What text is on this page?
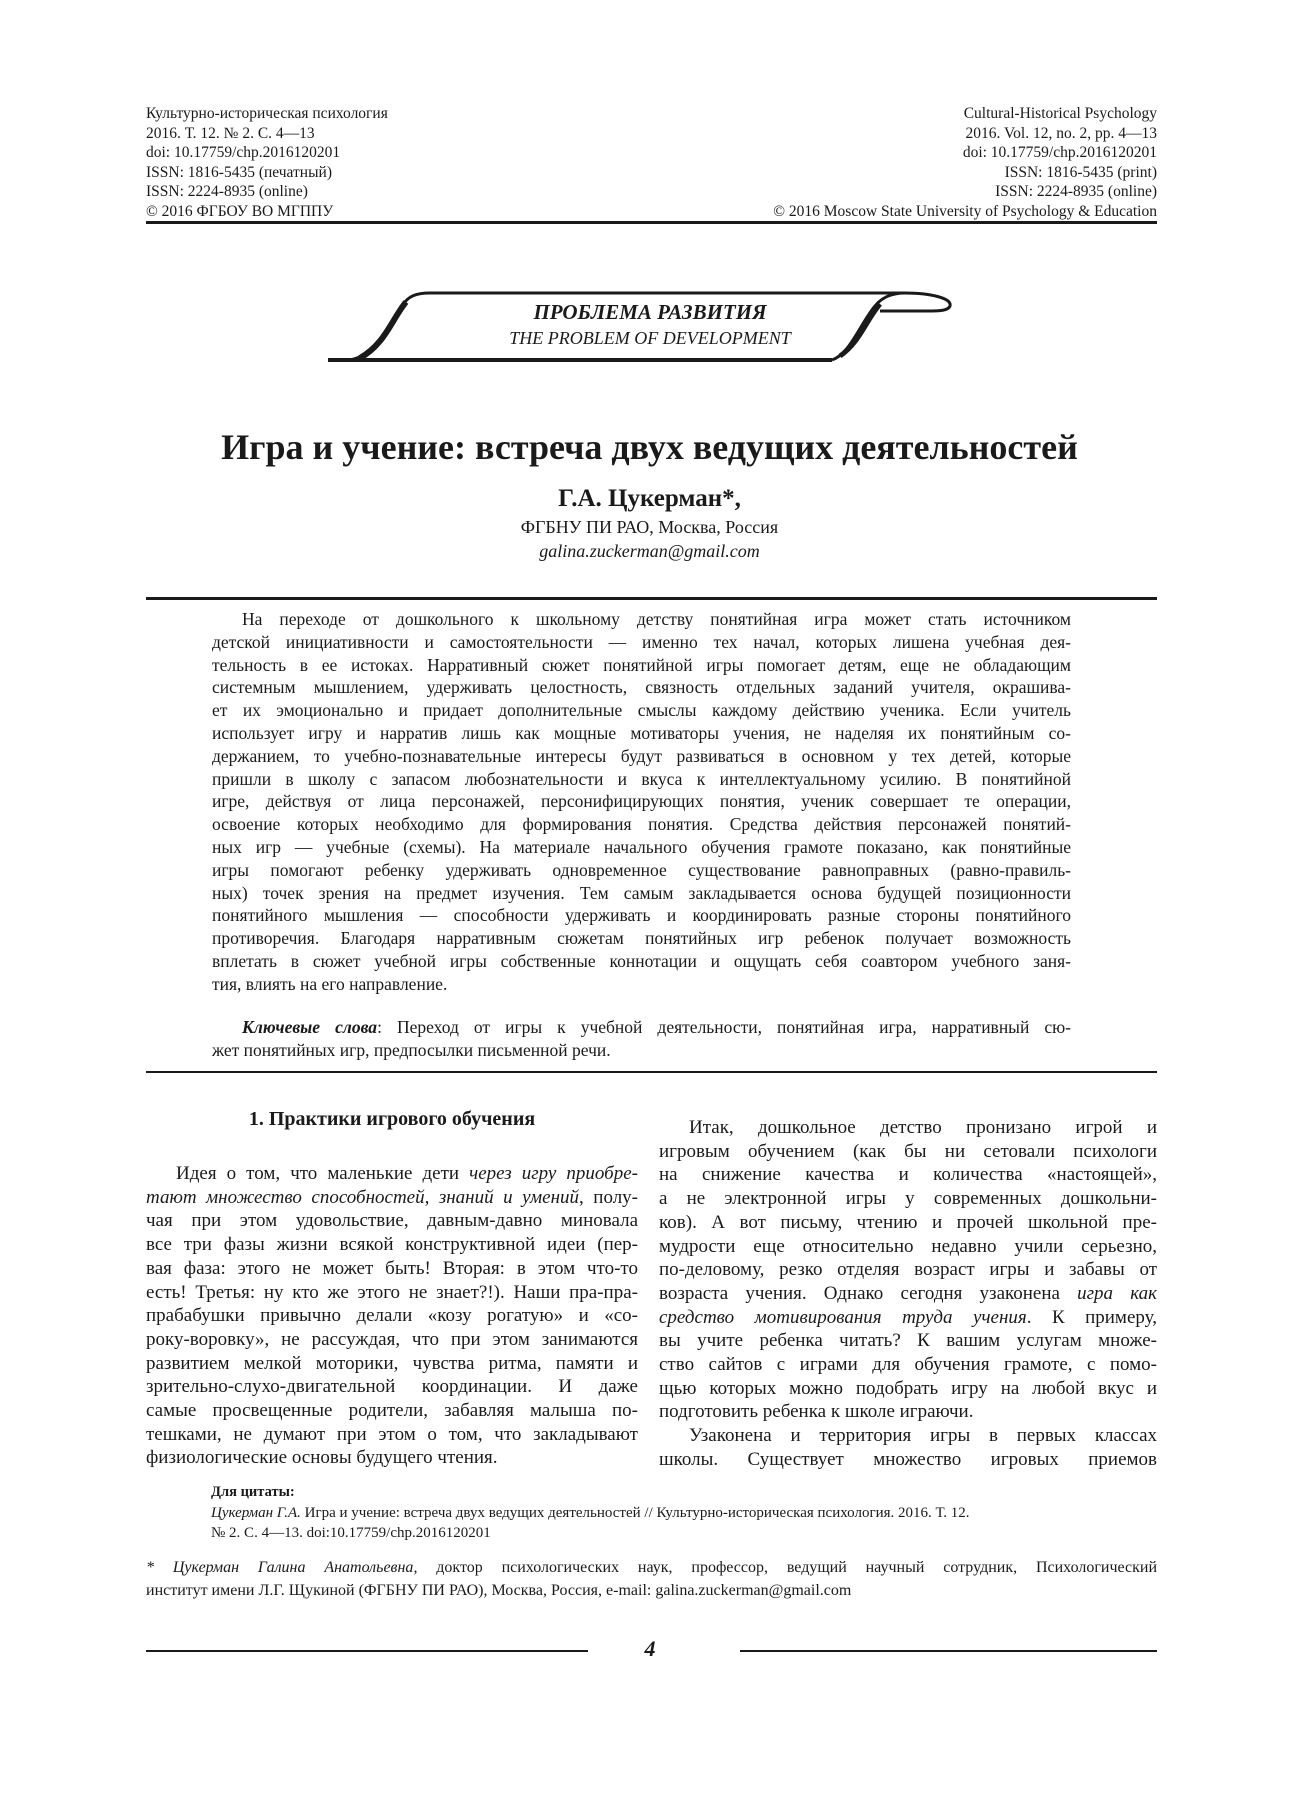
Культурно-историческая психология
2016. Т. 12. № 2. С. 4—13
doi: 10.17759/chp.2016120201
ISSN: 1816-5435 (печатный)
ISSN: 2224-8935 (online)
© 2016 ФГБОУ ВО МГППУ
Cultural-Historical Psychology
2016. Vol. 12, no. 2, pp. 4—13
doi: 10.17759/chp.2016120201
ISSN: 1816-5435 (print)
ISSN: 2224-8935 (online)
© 2016 Moscow State University of Psychology & Education
ПРОБЛЕМА РАЗВИТИЯ
THE PROBLEM OF DEVELOPMENT
Игра и учение: встреча двух ведущих деятельностей
Г.А. Цукерман*,
ФГБНУ ПИ РАО, Москва, Россия
galina.zuckerman@gmail.com
На переходе от дошкольного к школьному детству понятийная игра может стать источником
детской инициативности и самостоятельности — именно тех начал, которых лишена учебная дея-
тельность в ее истоках. Нарративный сюжет понятийной игры помогает детям, еще не обладающим
системным мышлением, удерживать целостность, связность отдельных заданий учителя, окрашива-
ет их эмоционально и придает дополнительные смыслы каждому действию ученика. Если учитель
использует игру и нарратив лишь как мощные мотиваторы учения, не наделяя их понятийным со-
держанием, то учебно-познавательные интересы будут развиваться в основном у тех детей, которые
пришли в школу с запасом любознательности и вкуса к интеллектуальному усилию. В понятийной
игре, действуя от лица персонажей, персонифицирующих понятия, ученик совершает те операции,
освоение которых необходимо для формирования понятия. Средства действия персонажей понятий-
ных игр — учебные (схемы). На материале начального обучения грамоте показано, как понятийные
игры помогают ребенку удерживать одновременное существование равноправных (равно-правиль-
ных) точек зрения на предмет изучения. Тем самым закладывается основа будущей позиционности
понятийного мышления — способности удерживать и координировать разные стороны понятийного
противоречия. Благодаря нарративным сюжетам понятийных игр ребенок получает возможность
вплетать в сюжет учебной игры собственные коннотации и ощущать себя соавтором учебного заня-
тия, влиять на его направление.
Ключевые слова: Переход от игры к учебной деятельности, понятийная игра, нарративный сю-
жет понятийных игр, предпосылки письменной речи.
1. Практики игрового обучения
Идея о том, что маленькие дети через игру приобре-
тают множество способностей, знаний и умений, полу-
чая при этом удовольствие, давным-давно миновала
все три фазы жизни всякой конструктивной идеи (пер-
вая фаза: этого не может быть! Вторая: в этом что-то
есть! Третья: ну кто же этого не знает?!). Наши пра-пра-
прабабушки привычно делали «козу рогатую» и «со-
року-воровку», не рассуждая, что при этом занимаются
развитием мелкой моторики, чувства ритма, памяти и
зрительно-слухо-двигательной координации. И даже
самые просвещенные родители, забавляя малыша по-
тешками, не думают при этом о том, что закладывают
физиологические основы будущего чтения.
Итак, дошкольное детство пронизано игрой и
игровым обучением (как бы ни сетовали психологи
на снижение качества и количества «настоящей»,
а не электронной игры у современных дошкольни-
ков). А вот письму, чтению и прочей школьной пре-
мудрости еще относительно недавно учили серьезно,
по-деловому, резко отделяя возраст игры и забавы от
возраста учения. Однако сегодня узаконена игра как
средство мотивирования труда учения. К примеру,
вы учите ребенка читать? К вашим услугам множе-
ство сайтов с играми для обучения грамоте, с помо-
щью которых можно подобрать игру на любой вкус и
подготовить ребенка к школе играючи.
Узаконена и территория игры в первых классах
школы. Существует множество игровых приемов
Для цитаты:
Цукерман Г.А. Игра и учение: встреча двух ведущих деятельностей // Культурно-историческая психология. 2016. Т. 12.
№ 2. С. 4—13. doi:10.17759/chp.2016120201
* Цукерман Галина Анатольевна, доктор психологических наук, профессор, ведущий научный сотрудник, Психологический
институт имени Л.Г. Щукиной (ФГБНУ ПИ РАО), Москва, Россия, e-mail: galina.zuckerman@gmail.com
4
